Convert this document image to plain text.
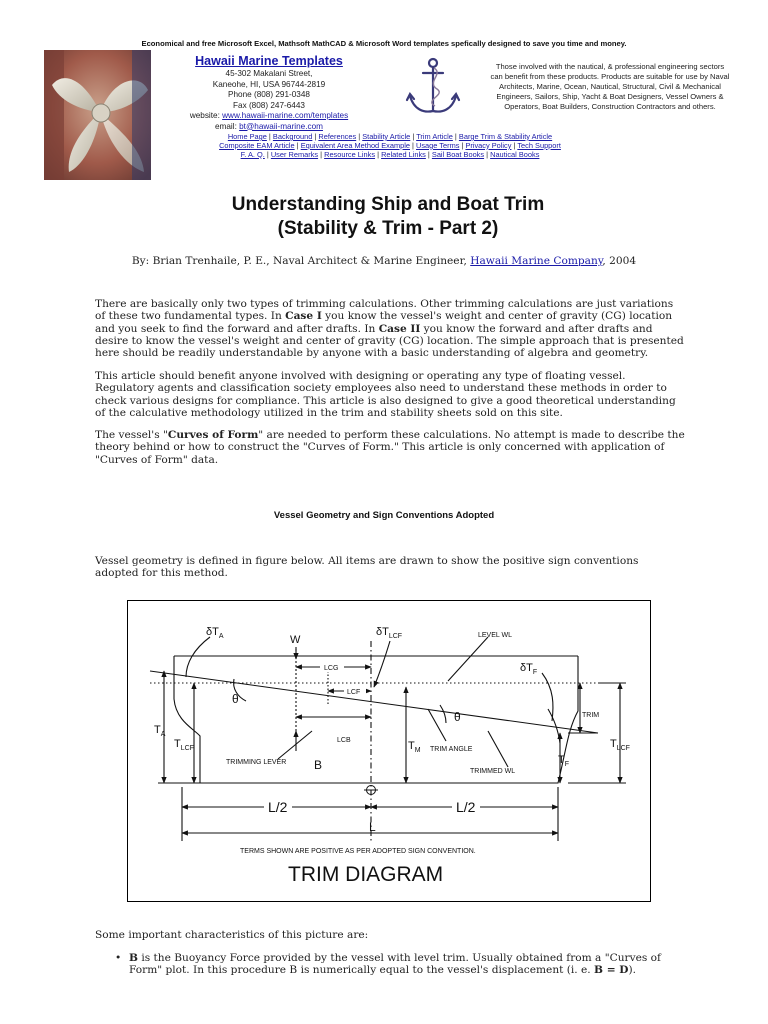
Economical and free Microsoft Excel, Mathsoft MathCAD & Microsoft Word templates spefically designed to save you time and money.
Hawaii Marine Templates
45-302 Makalani Street,
Kaneohe, HI, USA 96744-2819
Phone (808) 291-0348
Fax (808) 247-6443
website: www.hawaii-marine.com/templates
email: bt@hawaii-marine.com
Those involved with the nautical, & professional engineering sectors can benefit from these products. Products are suitable for use by Naval Architects, Marine, Ocean, Nautical, Structural, Civil & Mechanical Engineers, Sailors, Ship, Yacht & Boat Designers, Vessel Owners & Operators, Boat Builders, Construction Contractors and others.
Home Page | Background | References | Stability Article | Trim Article | Barge Trim & Stability Article
Composite EAM Article | Equivalent Area Method Example | Usage Terms | Privacy Policy | Tech Support
F. A. Q. | User Remarks | Resource Links | Related Links | Sail Boat Books | Nautical Books
Understanding Ship and Boat Trim
(Stability & Trim - Part 2)
By: Brian Trenhaile, P. E., Naval Architect & Marine Engineer, Hawaii Marine Company, 2004

There are basically only two types of trimming calculations. Other trimming calculations are just variations of these two fundamental types. In Case I you know the vessel's weight and center of gravity (CG) location and you seek to find the forward and after drafts. In Case II you know the forward and after drafts and desire to know the vessel's weight and center of gravity (CG) location. The simple approach that is presented here should be readily understandable by anyone with a basic understanding of algebra and geometry.

This article should benefit anyone involved with designing or operating any type of floating vessel. Regulatory agents and classification society employees also need to understand these methods in order to check various designs for compliance. This article is also designed to give a good theoretical understanding of the calculative methodology utilized in the trim and stability sheets sold on this site.

The vessel's "Curves of Form" are needed to perform these calculations. No attempt is made to describe the theory behind or how to construct the "Curves of Form." This article is only concerned with application of "Curves of Form" data.

Vessel Geometry and Sign Conventions Adopted

Vessel geometry is defined in figure below. All items are drawn to show the positive sign conventions adopted for this method.

$\delta T_A$	W
$\delta T_{LCF}$	LEVEL WL
$\delta T_F$
LCG
LCF
θ
θ	TRIM
$T_A$
$T_{LCF}$
LCB	$T_M$ TRIM ANGLE	$T_{LCF}$
TRIMMING LEVER B	$T_F$
TRIMMED WL
L/2	L/2
L
TERMS SHOWN ARE POSITIVE AS PER ADOPTED SIGN CONVENTION.
TRIM DIAGRAM

Some important characteristics of this picture are:

• B is the Buoyancy Force provided by the vessel with level trim. Usually obtained from a "Curves of Form" plot. In this procedure B is numerically equal to the vessel's displacement (i. e. B = D).
